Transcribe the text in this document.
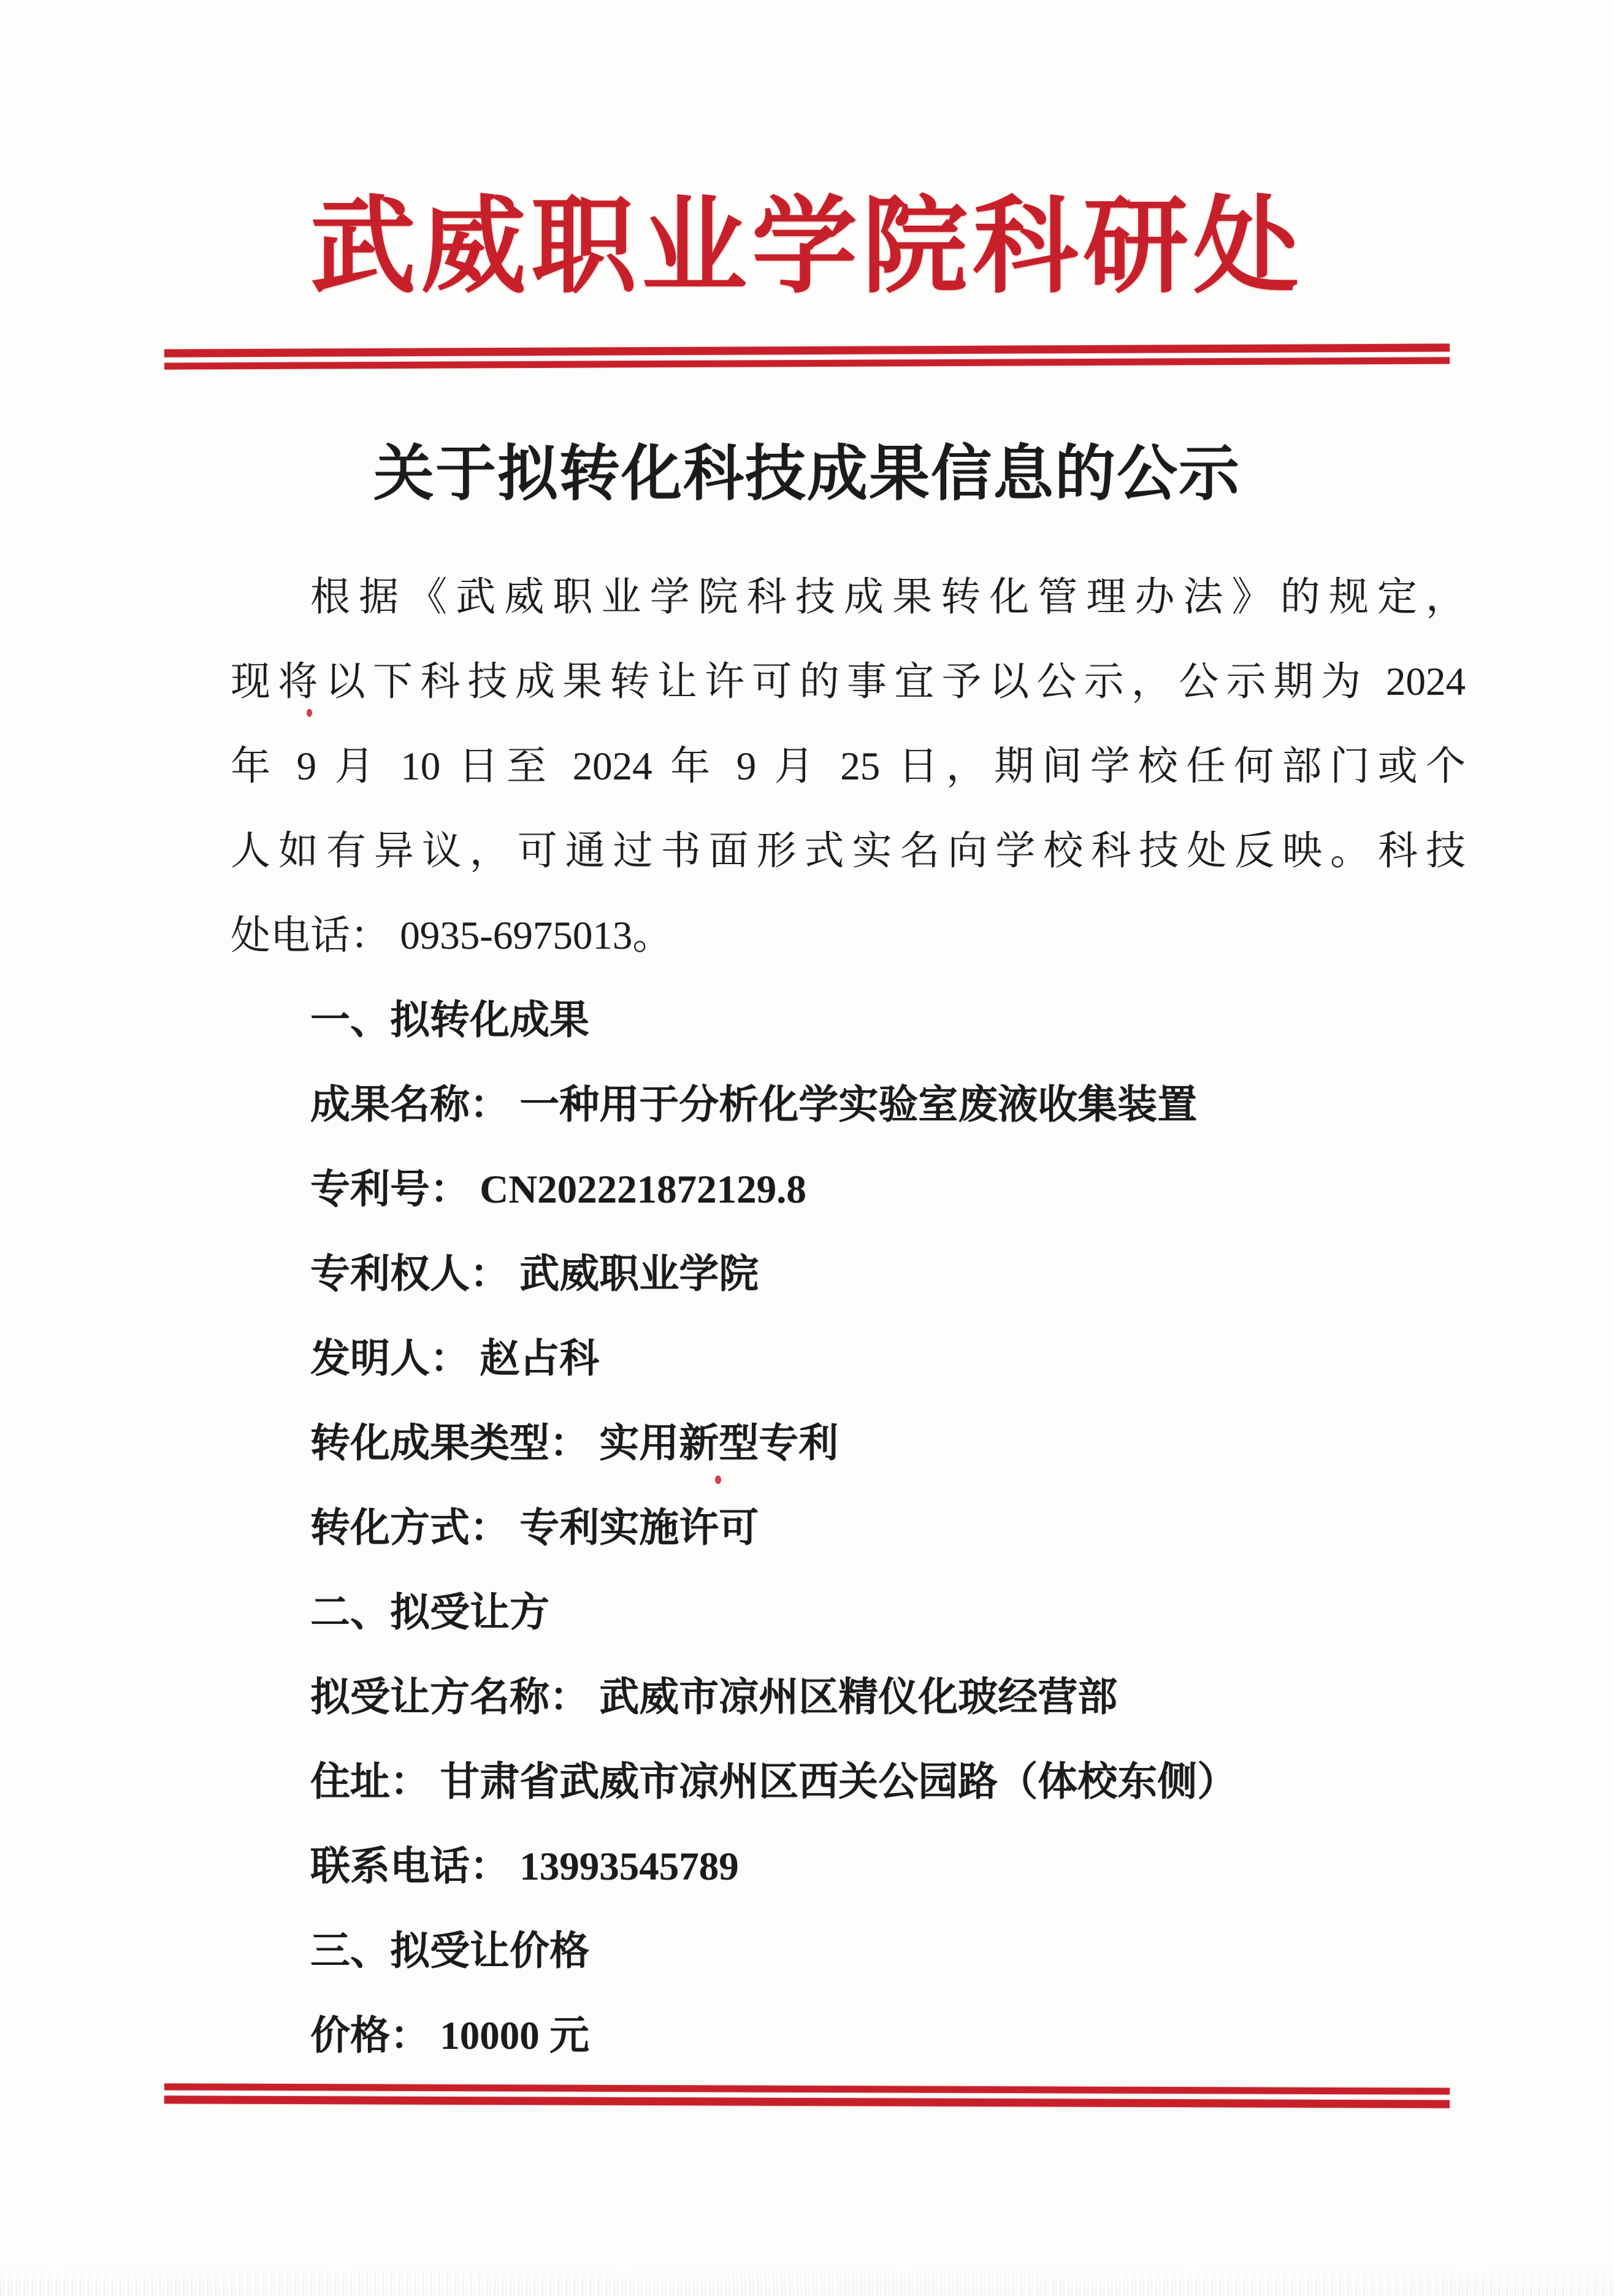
武威职业学院科研处
关于拟转化科技成果信息的公示

根据《武威职业学院科技成果转化管理办法》的规定，

现将以下科技成果转让许可的事宜予以公示，公示期为 2024

年 9 月 10 日至 2024 年 9 月 25 日，期间学校任何部门或个

人如有异议，可通过书面形式实名向学校科技处反映。科技

处电话： 0935-6975013。

一、拟转化成果

成果名称： 一种用于分析化学实验室废液收集装置

专利号： CN202221872129.8

专利权人： 武威职业学院

发明人： 赵占科

转化成果类型： 实用新型专利

转化方式： 专利实施许可

二、拟受让方

拟受让方名称： 武威市凉州区精仪化玻经营部

住址： 甘肃省武威市凉州区西关公园路（体校东侧）

联系电话： 13993545789

三、拟受让价格

价格： 10000 元
